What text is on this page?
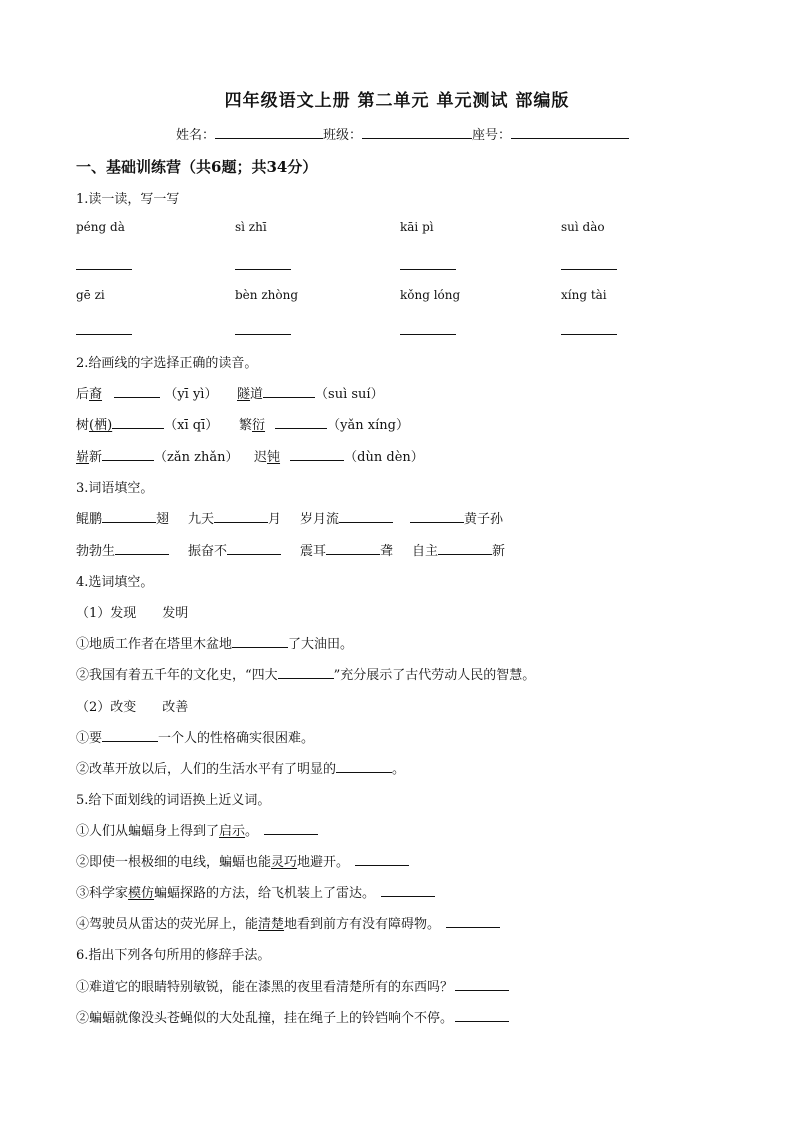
四年级语文上册 第二单元 单元测试 部编版
姓名：	班级：	座号：
一、基础训练营（共6题；共34分）
1.读一读，写一写
péng dà	sì zhī	kāi pì	suì dào
gē zi	bèn zhòng	kǒng lóng	xíng tài
2.给画线的字选择正确的读音。
后裔	（yī yì） 隧道	（suì suí）
树(栖)	（xī qī） 繁衍	（yǎn xíng）
崭新	（zǎn zhǎn） 迟钝	（dùn dèn）
3.词语填空。
鲲鹏	翅 九天	月 岁月流	黄子孙
勃勃生	振奋不	震耳	聋 自主	新
4.选词填空。
（1）发现　　发明
①地质工作者在塔里木盆地	了大油田。
②我国有着五千年的文化史，“四大	”充分展示了古代劳动人民的智慧。
（2）改变　　改善
①要	一个人的性格确实很困难。
②改革开放以后，人们的生活水平有了明显的	。
5.给下面划线的词语换上近义词。
①人们从蝙蝠身上得到了启示。
②即使一根极细的电线，蝙蝠也能灵巧地避开。
③科学家模仿蝙蝠探路的方法，给飞机装上了雷达。
④驾驶员从雷达的荧光屏上，能清楚地看到前方有没有障碍物。
6.指出下列各句所用的修辞手法。
①难道它的眼睛特别敏锐，能在漆黑的夜里看清楚所有的东西吗？
②蝙蝠就像没头苍蝇似的大处乱撞，挂在绳子上的铃铛响个不停。
